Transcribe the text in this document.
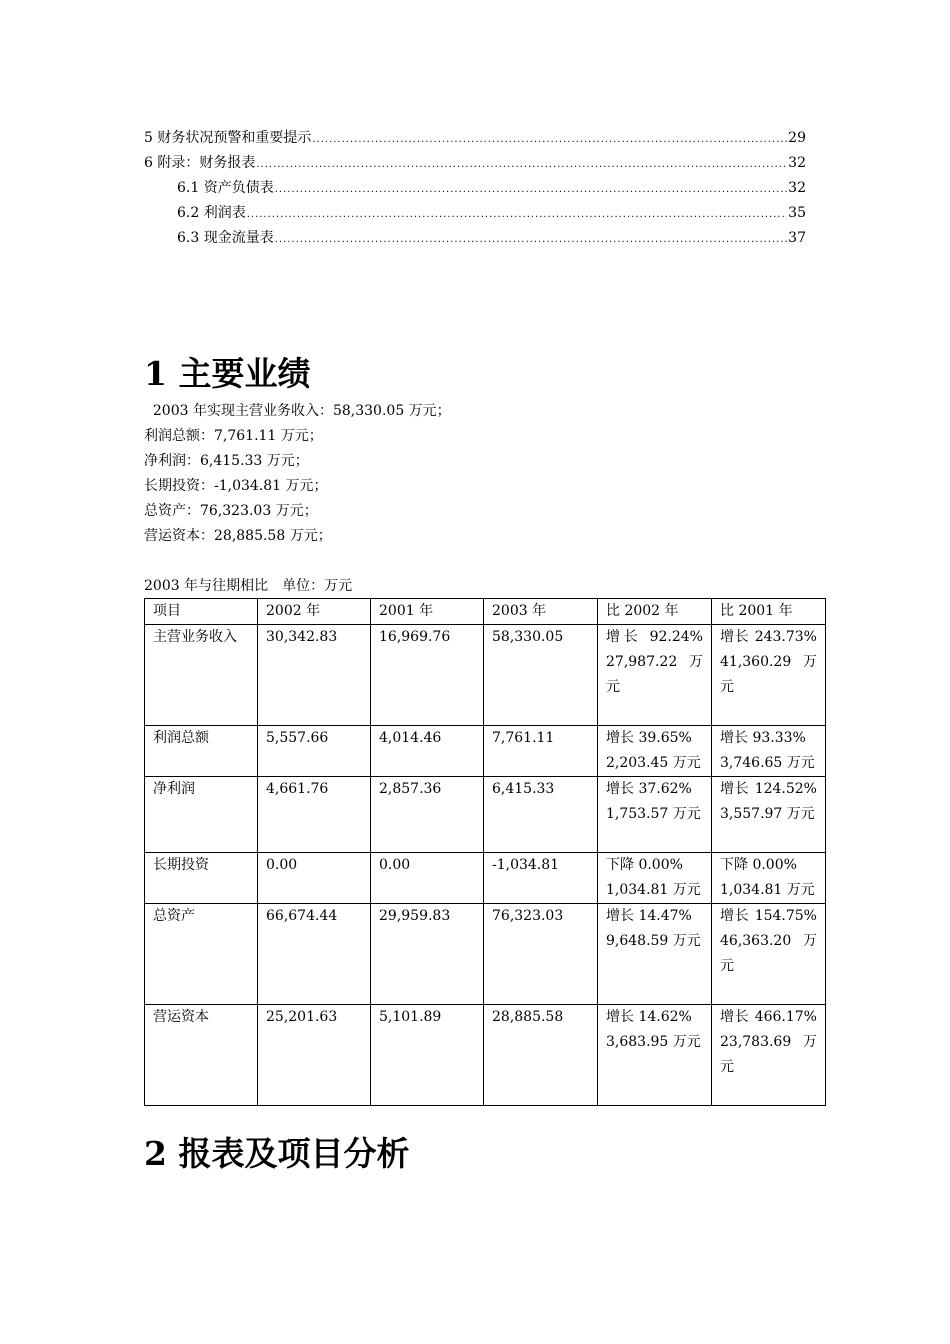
5 财务状况预警和重要提示 .....	29
6 附录：财务报表 .....	32
6.1 资产负债表 .....	32
6.2 利润表 .....	35
6.3 现金流量表 .....	37
1 主要业绩
2003 年实现主营业务收入：58,330.05 万元；
利润总额：7,761.11 万元；
净利润：6,415.33 万元；
长期投资：-1,034.81 万元；
总资产：76,323.03 万元；
营运资本：28,885.58 万元；
2003 年与往期相比 单位：万元
项目	2002 年	2001 年	2003 年	比 2002 年	比 2001 年
主营业务收入	30,342.83	16,969.76	58,330.05	增长 92.24% 27,987.22 万元	增长 243.73% 41,360.29 万元
利润总额	5,557.66	4,014.46	7,761.11	增长 39.65% 2,203.45 万元	增长 93.33% 3,746.65 万元
净利润	4,661.76	2,857.36	6,415.33	增长 37.62% 1,753.57 万元	增长 124.52% 3,557.97 万元
长期投资	0.00	0.00	-1,034.81	下降 0.00% 1,034.81 万元	下降 0.00% 1,034.81 万元
总资产	66,674.44	29,959.83	76,323.03	增长 14.47% 9,648.59 万元	增长 154.75% 46,363.20 万元
营运资本	25,201.63	5,101.89	28,885.58	增长 14.62% 3,683.95 万元	增长 466.17% 23,783.69 万元
2 报表及项目分析
